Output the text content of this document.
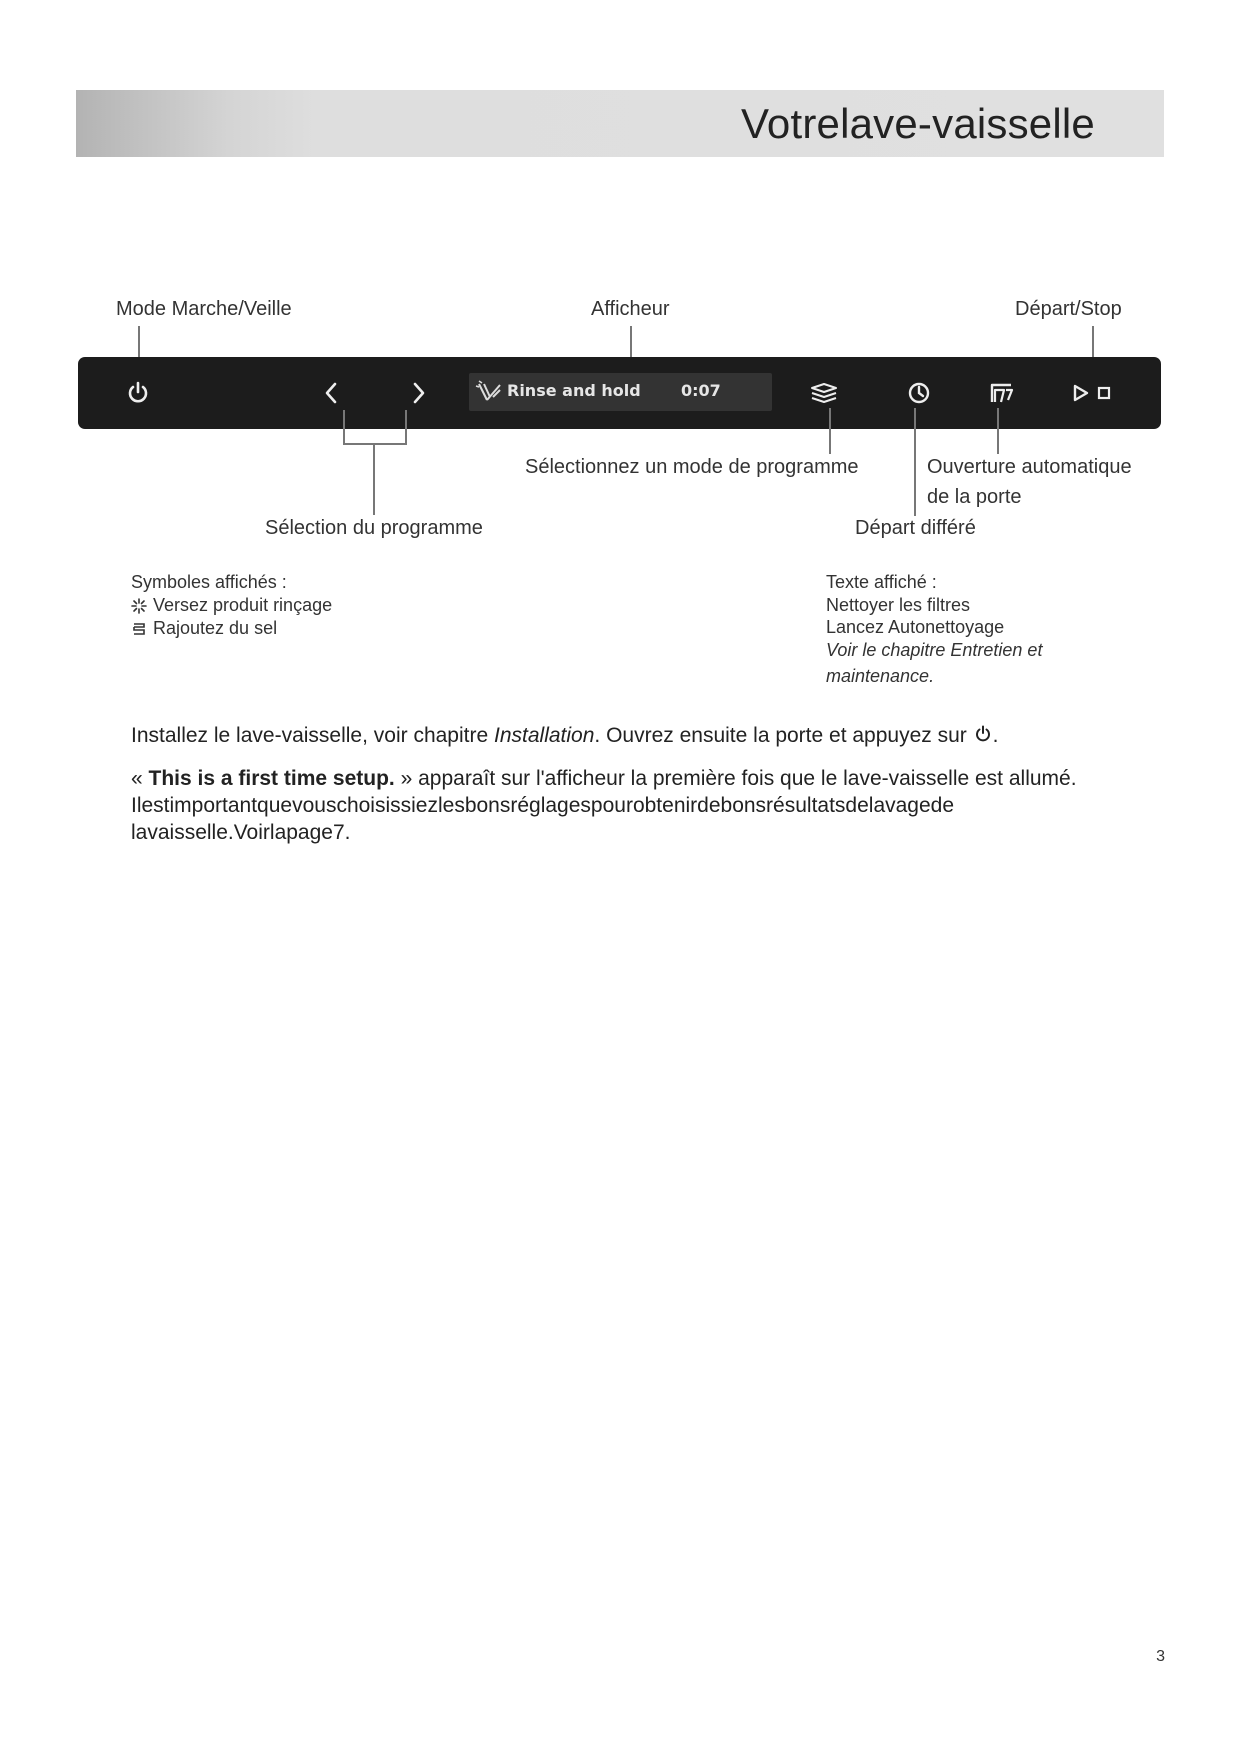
Votrelave-vaisselle
Mode Marche/Veille	Afficheur	Départ/Stop
Rinse and hold	0:07
Sélectionnez un mode de programme	Ouverture automatique
de la porte
Sélection du programme	Départ différé
Symboles affichés :
Versez produit rinçage
Rajoutez du sel
Texte affiché :
Nettoyer les filtres
Lancez Autonettoyage
Voir le chapitre Entretien et
maintenance.
Installez le lave-vaisselle, voir chapitre Installation. Ouvrez ensuite la porte et appuyez sur .
« This is a first time setup. » apparaît sur l'afficheur la première fois que le lave-vaisselle est allumé.
Ilestimportantquevouschoisissiezlesbonsréglagespourobtenirdebonsrésultatsdelavagede
lavaisselle.Voirlapage7.
3
